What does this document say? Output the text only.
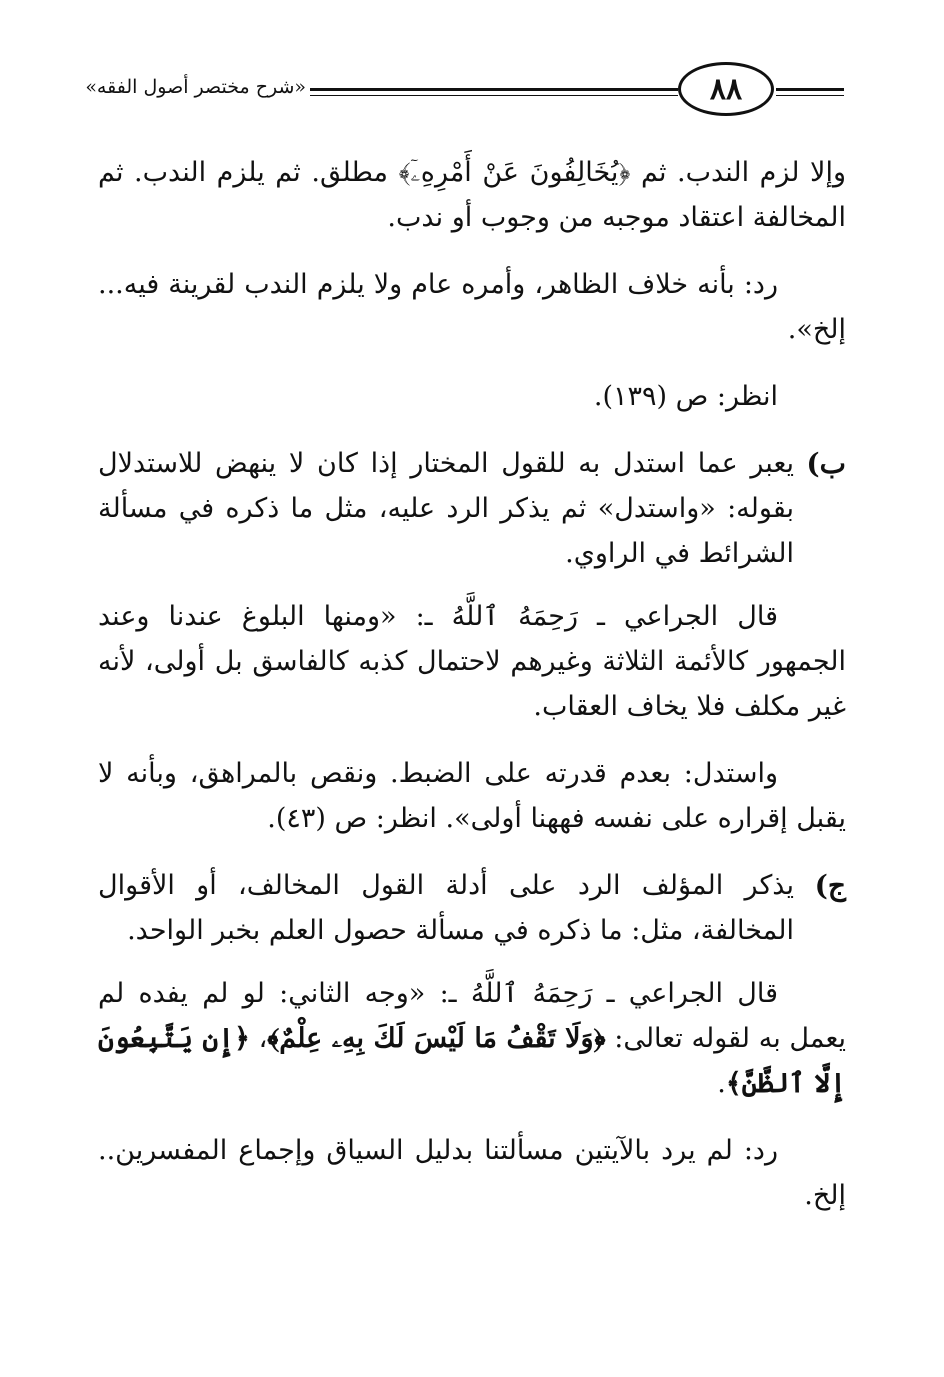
«شرح مختصر أصول الفقه»	٨٨

وإلا لزم الندب. ثم ﴿يُخَالِفُونَ عَنْ أَمْرِهِۦٓ﴾ مطلق. ثم يلزم الندب. ثم المخالفة اعتقاد موجبه من وجوب أو ندب.

رد: بأنه خلاف الظاهر، وأمره عام ولا يلزم الندب لقرينة فيه... إلخ».

انظر: ص (١٣٩).

ب)
يعبر عما استدل به للقول المختار إذا كان لا ينهض للاستدلال بقوله: «واستدل» ثم يذكر الرد عليه، مثل ما ذكره في مسألة الشرائط في الراوي.

قال الجراعي ـ رَحِمَهُ ٱللَّهُ ـ: «ومنها البلوغ عندنا وعند الجمهور كالأئمة الثلاثة وغيرهم لاحتمال كذبه كالفاسق بل أولى، لأنه غير مكلف فلا يخاف العقاب.

واستدل: بعدم قدرته على الضبط. ونقص بالمراهق، وبأنه لا يقبل إقراره على نفسه فههنا أولى». انظر: ص (٤٣).

ج)
يذكر المؤلف الرد على أدلة القول المخالف، أو الأقوال المخالفة، مثل: ما ذكره في مسألة حصول العلم بخبر الواحد.

قال الجراعي ـ رَحِمَهُ ٱللَّهُ ـ: «وجه الثاني: لو لم يفده لم يعمل به لقوله تعالى: ﴿وَلَا تَقْفُ مَا لَيْسَ لَكَ بِهِۦ عِلْمٌ﴾، ﴿إِن يَتَّبِعُونَ إِلَّا ٱلظَّنَّ﴾.

رد: لم يرد بالآيتين مسألتنا بدليل السياق وإجماع المفسرين.. إلخ.
